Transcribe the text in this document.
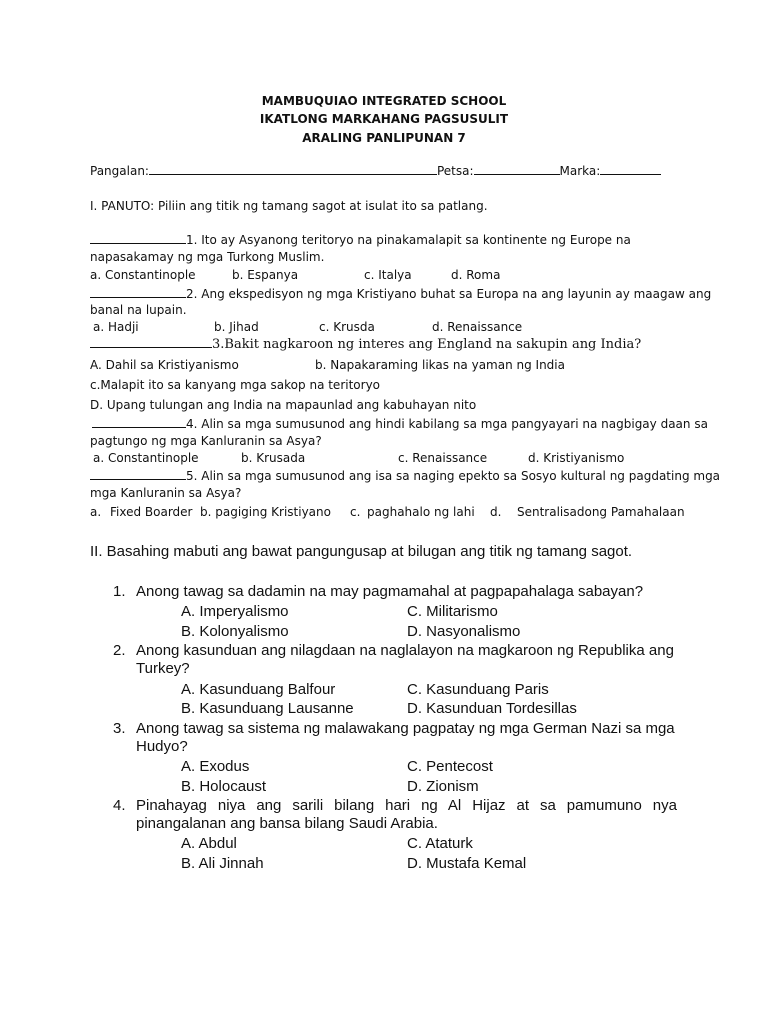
MAMBUQUIAO INTEGRATED SCHOOL
IKATLONG MARKAHANG PAGSUSULIT
ARALING PANLIPUNAN 7
Pangalan:	Petsa:	Marka:
I. PANUTO: Piliin ang titik ng tamang sagot at isulat ito sa patlang.
1. Ito ay Asyanong teritoryo na pinakamalapit sa kontinente ng Europe na
napasakamay ng mga Turkong Muslim.
a. Constantinople	b. Espanya	c. Italya	d. Roma
2. Ang ekspedisyon ng mga Kristiyano buhat sa Europa na ang layunin ay maagaw ang
banal na lupain.
a. Hadji	b. Jihad	c. Krusda	d. Renaissance
3.Bakit nagkaroon ng interes ang England na sakupin ang India?
A. Dahil sa Kristiyanismo	b. Napakaraming likas na yaman ng India
c.Malapit ito sa kanyang mga sakop na teritoryo
D. Upang tulungan ang India na mapaunlad ang kabuhayan nito
4. Alin sa mga sumusunod ang hindi kabilang sa mga pangyayari na nagbigay daan sa
pagtungo ng mga Kanluranin sa Asya?
a. Constantinople	b. Krusada	c. Renaissance	d. Kristiyanismo
5. Alin sa mga sumusunod ang isa sa naging epekto sa Sosyo kultural ng pagdating mga
mga Kanluranin sa Asya?
a. Fixed Boarder b. pagiging Kristiyano c. paghahalo ng lahi d. Sentralisadong Pamahalaan
II. Basahing mabuti ang bawat pangungusap at bilugan ang titik ng tamang sagot.
1. Anong tawag sa dadamin na may pagmamahal at pagpapahalaga sabayan?
A. Imperyalismo	C. Militarismo
B. Kolonyalismo	D. Nasyonalismo
2. Anong kasunduan ang nilagdaan na naglalayon na magkaroon ng Republika ang Turkey?
A. Kasunduang Balfour	C. Kasunduang Paris
B. Kasunduang Lausanne	D. Kasunduan Tordesillas
3. Anong tawag sa sistema ng malawakang pagpatay ng mga German Nazi sa mga Hudyo?
A. Exodus	C. Pentecost
B. Holocaust	D. Zionism
4. Pinahayag niya ang sarili bilang hari ng Al Hijaz at sa pamumuno nya pinangalanan ang bansa bilang Saudi Arabia.
A. Abdul	C. Ataturk
B. Ali Jinnah	D. Mustafa Kemal
